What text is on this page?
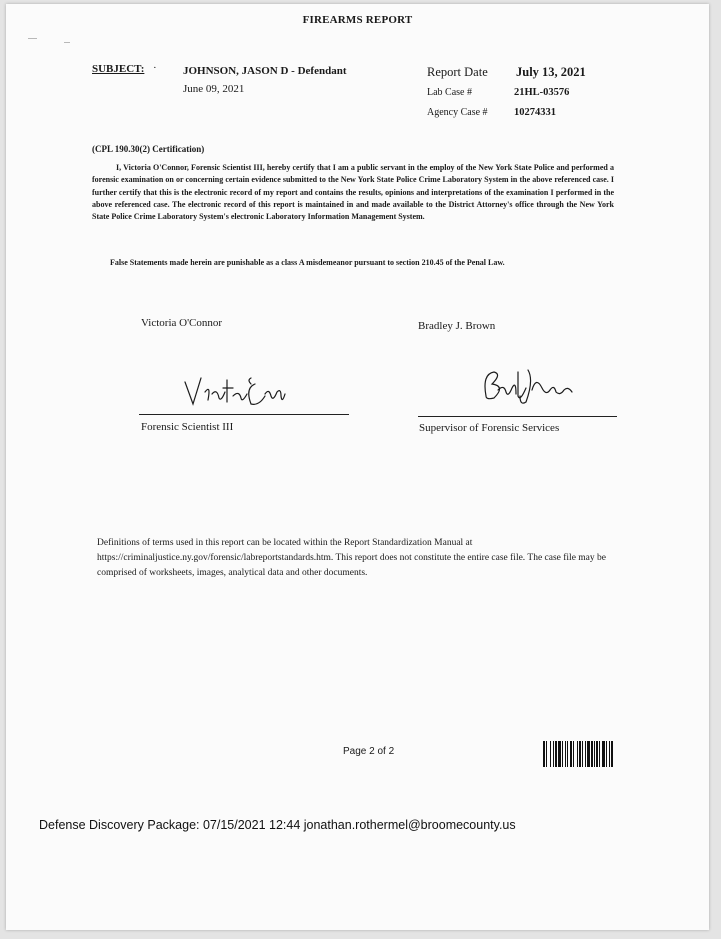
FIREARMS REPORT
SUBJECT: · JOHNSON, JASON D - Defendant
June 09, 2021
Report Date July 13, 2021
Lab Case #	21HL-03576
Agency Case #	10274331
(CPL 190.30(2) Certification)
I, Victoria O'Connor, Forensic Scientist III, hereby certify that I am a public servant in the employ of the New York State Police and performed a forensic examination on or concerning certain evidence submitted to the New York State Police Crime Laboratory System in the above referenced case. I further certify that this is the electronic record of my report and contains the results, opinions and interpretations of the examination I performed in the above referenced case. The electronic record of this report is maintained in and made available to the District Attorney's office through the New York State Police Crime Laboratory System's electronic Laboratory Information Management System.
False Statements made herein are punishable as a class A misdemeanor pursuant to section 210.45 of the Penal Law.
Victoria O'Connor	Bradley J. Brown
Forensic Scientist III	Supervisor of Forensic Services
Definitions of terms used in this report can be located within the Report Standardization Manual at https://criminaljustice.ny.gov/forensic/labreportstandards.htm. This report does not constitute the entire case file. The case file may be comprised of worksheets, images, analytical data and other documents.
Page 2 of 2
Defense Discovery Package: 07/15/2021 12:44 jonathan.rothermel@broomecounty.us
